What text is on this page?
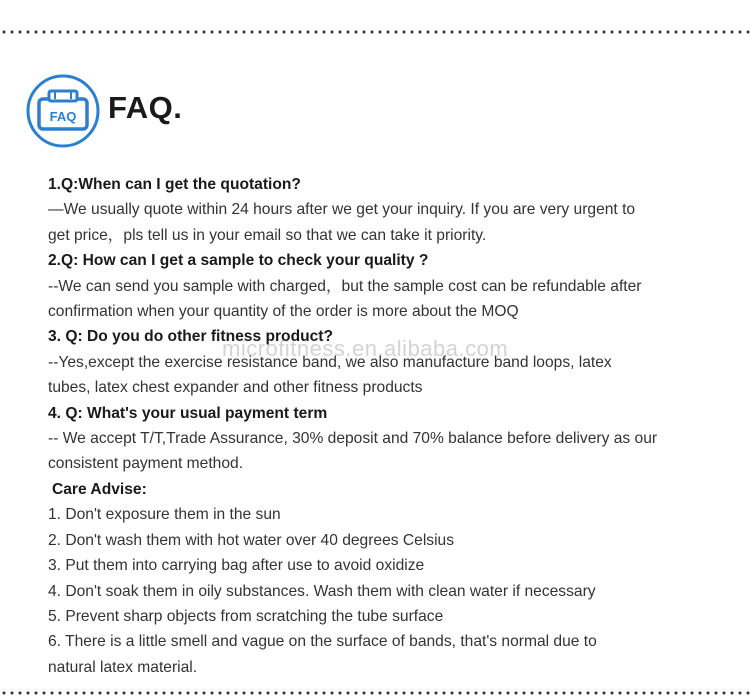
FAQ FAQ.
1.Q:When can I get the quotation?
—We usually quote within 24 hours after we get your inquiry. If you are very urgent to
get price，pls tell us in your email so that we can take it priority.
2.Q: How can I get a sample to check your quality ?
--We can send you sample with charged，but the sample cost can be refundable after
confirmation when your quantity of the order is more about the MOQ
3. Q: Do you do other fitness product?
--Yes,except the exercise resistance band, we also manufacture band loops, latex
tubes, latex chest expander and other fitness products
4. Q: What's your usual payment term
-- We accept T/T,Trade Assurance, 30% deposit and 70% balance before delivery as our
consistent payment method.
Care Advise:
1. Don't exposure them in the sun
2. Don't wash them with hot water over 40 degrees Celsius
3. Put them into carrying bag after use to avoid oxidize
4. Don't soak them in oily substances. Wash them with clean water if necessary
5. Prevent sharp objects from scratching the tube surface
6. There is a little smell and vague on the surface of bands, that's normal due to
natural latex material.
microfitness.en.alibaba.com
